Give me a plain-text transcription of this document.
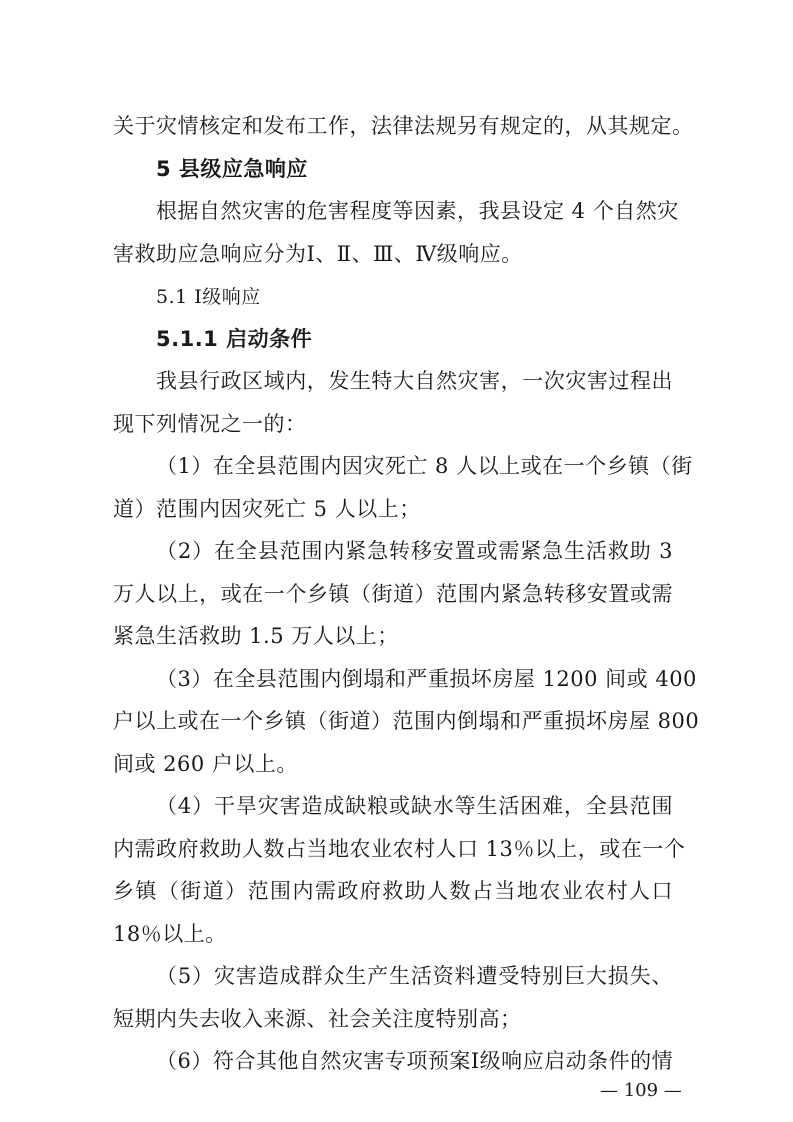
关于灾情核定和发布工作，法律法规另有规定的，从其规定。
5 县级应急响应
根据自然灾害的危害程度等因素，我县设定 4 个自然灾
害救助应急响应分为Ⅰ、Ⅱ、Ⅲ、Ⅳ级响应。
5.1 Ⅰ级响应
5.1.1 启动条件
我县行政区域内，发生特大自然灾害，一次灾害过程出
现下列情况之一的：
（1）在全县范围内因灾死亡 8 人以上或在一个乡镇（街
道）范围内因灾死亡 5 人以上；
（2）在全县范围内紧急转移安置或需紧急生活救助 3
万人以上，或在一个乡镇（街道）范围内紧急转移安置或需
紧急生活救助 1.5 万人以上；
（3）在全县范围内倒塌和严重损坏房屋 1200 间或 400
户以上或在一个乡镇（街道）范围内倒塌和严重损坏房屋 800
间或 260 户以上。
（4）干旱灾害造成缺粮或缺水等生活困难，全县范围
内需政府救助人数占当地农业农村人口 13％以上，或在一个
乡镇（街道）范围内需政府救助人数占当地农业农村人口
18％以上。
（5）灾害造成群众生产生活资料遭受特别巨大损失、
短期内失去收入来源、社会关注度特别高；
（6）符合其他自然灾害专项预案Ⅰ级响应启动条件的情
— 109 —
